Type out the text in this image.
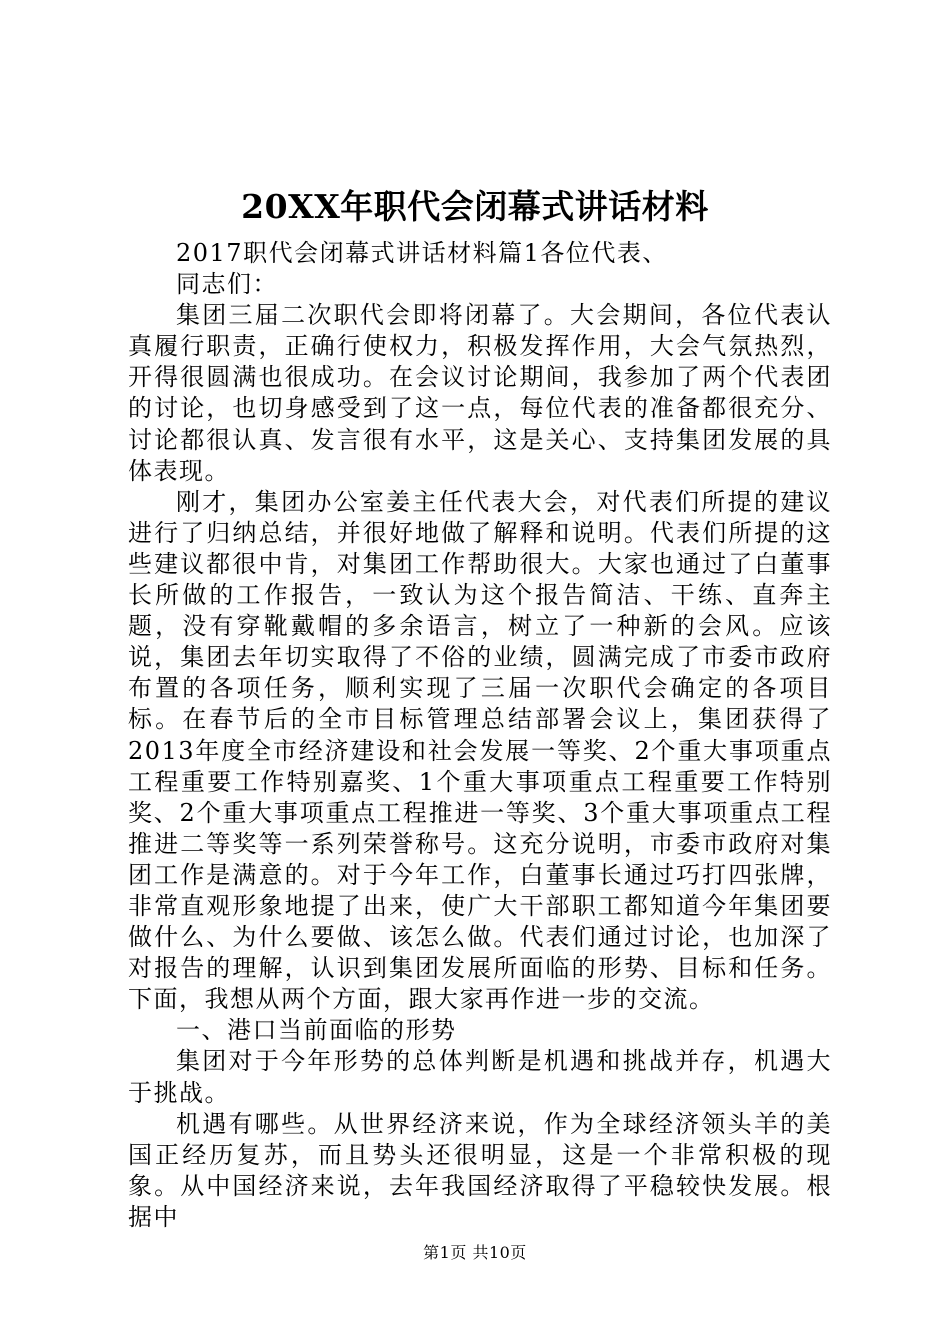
20XX年职代会闭幕式讲话材料

2017职代会闭幕式讲话材料篇1各位代表、

同志们：

集团三届二次职代会即将闭幕了。大会期间，各位代表认真履行职责，正确行使权力，积极发挥作用，大会气氛热烈，开得很圆满也很成功。在会议讨论期间，我参加了两个代表团的讨论，也切身感受到了这一点，每位代表的准备都很充分、讨论都很认真、发言很有水平，这是关心、支持集团发展的具体表现。

刚才，集团办公室姜主任代表大会，对代表们所提的建议进行了归纳总结，并很好地做了解释和说明。代表们所提的这些建议都很中肯，对集团工作帮助很大。大家也通过了白董事长所做的工作报告，一致认为这个报告简洁、干练、直奔主题，没有穿靴戴帽的多余语言，树立了一种新的会风。应该说，集团去年切实取得了不俗的业绩，圆满完成了市委市政府布置的各项任务，顺利实现了三届一次职代会确定的各项目标。在春节后的全市目标管理总结部署会议上，集团获得了2013年度全市经济建设和社会发展一等奖、2个重大事项重点工程重要工作特别嘉奖、1个重大事项重点工程重要工作特别奖、2个重大事项重点工程推进一等奖、3个重大事项重点工程推进二等奖等一系列荣誉称号。这充分说明，市委市政府对集团工作是满意的。对于今年工作，白董事长通过巧打四张牌，非常直观形象地提了出来，使广大干部职工都知道今年集团要做什么、为什么要做、该怎么做。代表们通过讨论，也加深了对报告的理解，认识到集团发展所面临的形势、目标和任务。下面，我想从两个方面，跟大家再作进一步的交流。

一、港口当前面临的形势

集团对于今年形势的总体判断是机遇和挑战并存，机遇大于挑战。

机遇有哪些。从世界经济来说，作为全球经济领头羊的美国正经历复苏，而且势头还很明显，这是一个非常积极的现象。从中国经济来说，去年我国经济取得了平稳较快发展。根据中

第1页 共10页
